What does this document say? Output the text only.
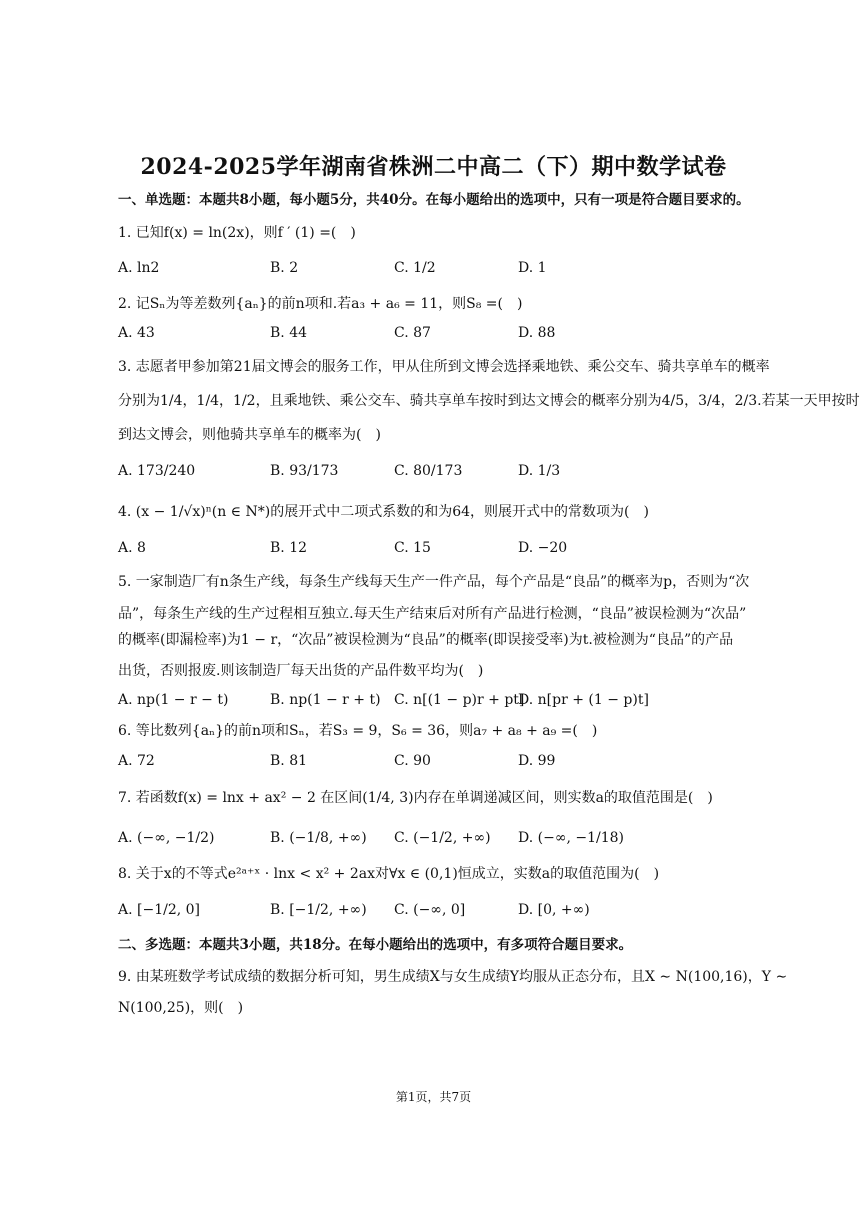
2024-2025学年湖南省株洲二中高二（下）期中数学试卷
一、单选题：本题共8小题，每小题5分，共40分。在每小题给出的选项中，只有一项是符合题目要求的。
1. 已知f(x) = ln(2x)，则f ′ (1) =(　)
A. ln2	B. 2	C. 1/2	D. 1
2. 记Sₙ为等差数列{aₙ}的前n项和.若a₃ + a₆ = 11，则S₈ =(　)
A. 43	B. 44	C. 87	D. 88
3. 志愿者甲参加第21届文博会的服务工作，甲从住所到文博会选择乘地铁、乘公交车、骑共享单车的概率
分别为1/4，1/4，1/2，且乘地铁、乘公交车、骑共享单车按时到达文博会的概率分别为4/5，3/4，2/3.若某一天甲按时
到达文博会，则他骑共享单车的概率为(　)
A. 173/240	B. 93/173	C. 80/173	D. 1/3
4. (x − 1/√x)ⁿ(n ∈ N*)的展开式中二项式系数的和为64，则展开式中的常数项为(　)
A. 8	B. 12	C. 15	D. −20
5. 一家制造厂有n条生产线，每条生产线每天生产一件产品，每个产品是“良品”的概率为p，否则为“次
品”，每条生产线的生产过程相互独立.每天生产结束后对所有产品进行检测，“良品”被误检测为“次品”
的概率(即漏检率)为1 − r，“次品”被误检测为“良品”的概率(即误接受率)为t.被检测为“良品”的产品
出货，否则报废.则该制造厂每天出货的产品件数平均为(　)
A. np(1 − r − t)	B. np(1 − r + t) C. n[(1 − p)r + pt]
D. n[pr + (1 − p)t]
6. 等比数列{aₙ}的前n项和Sₙ，若S₃ = 9，S₆ = 36，则a₇ + a₈ + a₉ =(　)
A. 72	B. 81	C. 90	D. 99
7. 若函数f(x) = lnx + ax² − 2 在区间(1/4, 3)内存在单调递减区间，则实数a的取值范围是(　)
A. (−∞, −1/2)	B. (−1/8, +∞) C. (−1/2, +∞) D. (−∞, −1/18)
8. 关于x的不等式e²ᵃ⁺ˣ · lnx < x² + 2ax对∀x ∈ (0,1)恒成立，实数a的取值范围为(　)
A. [−1/2, 0]	B. [−1/2, +∞) C. (−∞, 0]	D. [0, +∞)
二、多选题：本题共3小题，共18分。在每小题给出的选项中，有多项符合题目要求。
9. 由某班数学考试成绩的数据分析可知，男生成绩X与女生成绩Y均服从正态分布，且X ∼ N(100,16)，Y ∼
N(100,25)，则(　)
第1页，共7页
